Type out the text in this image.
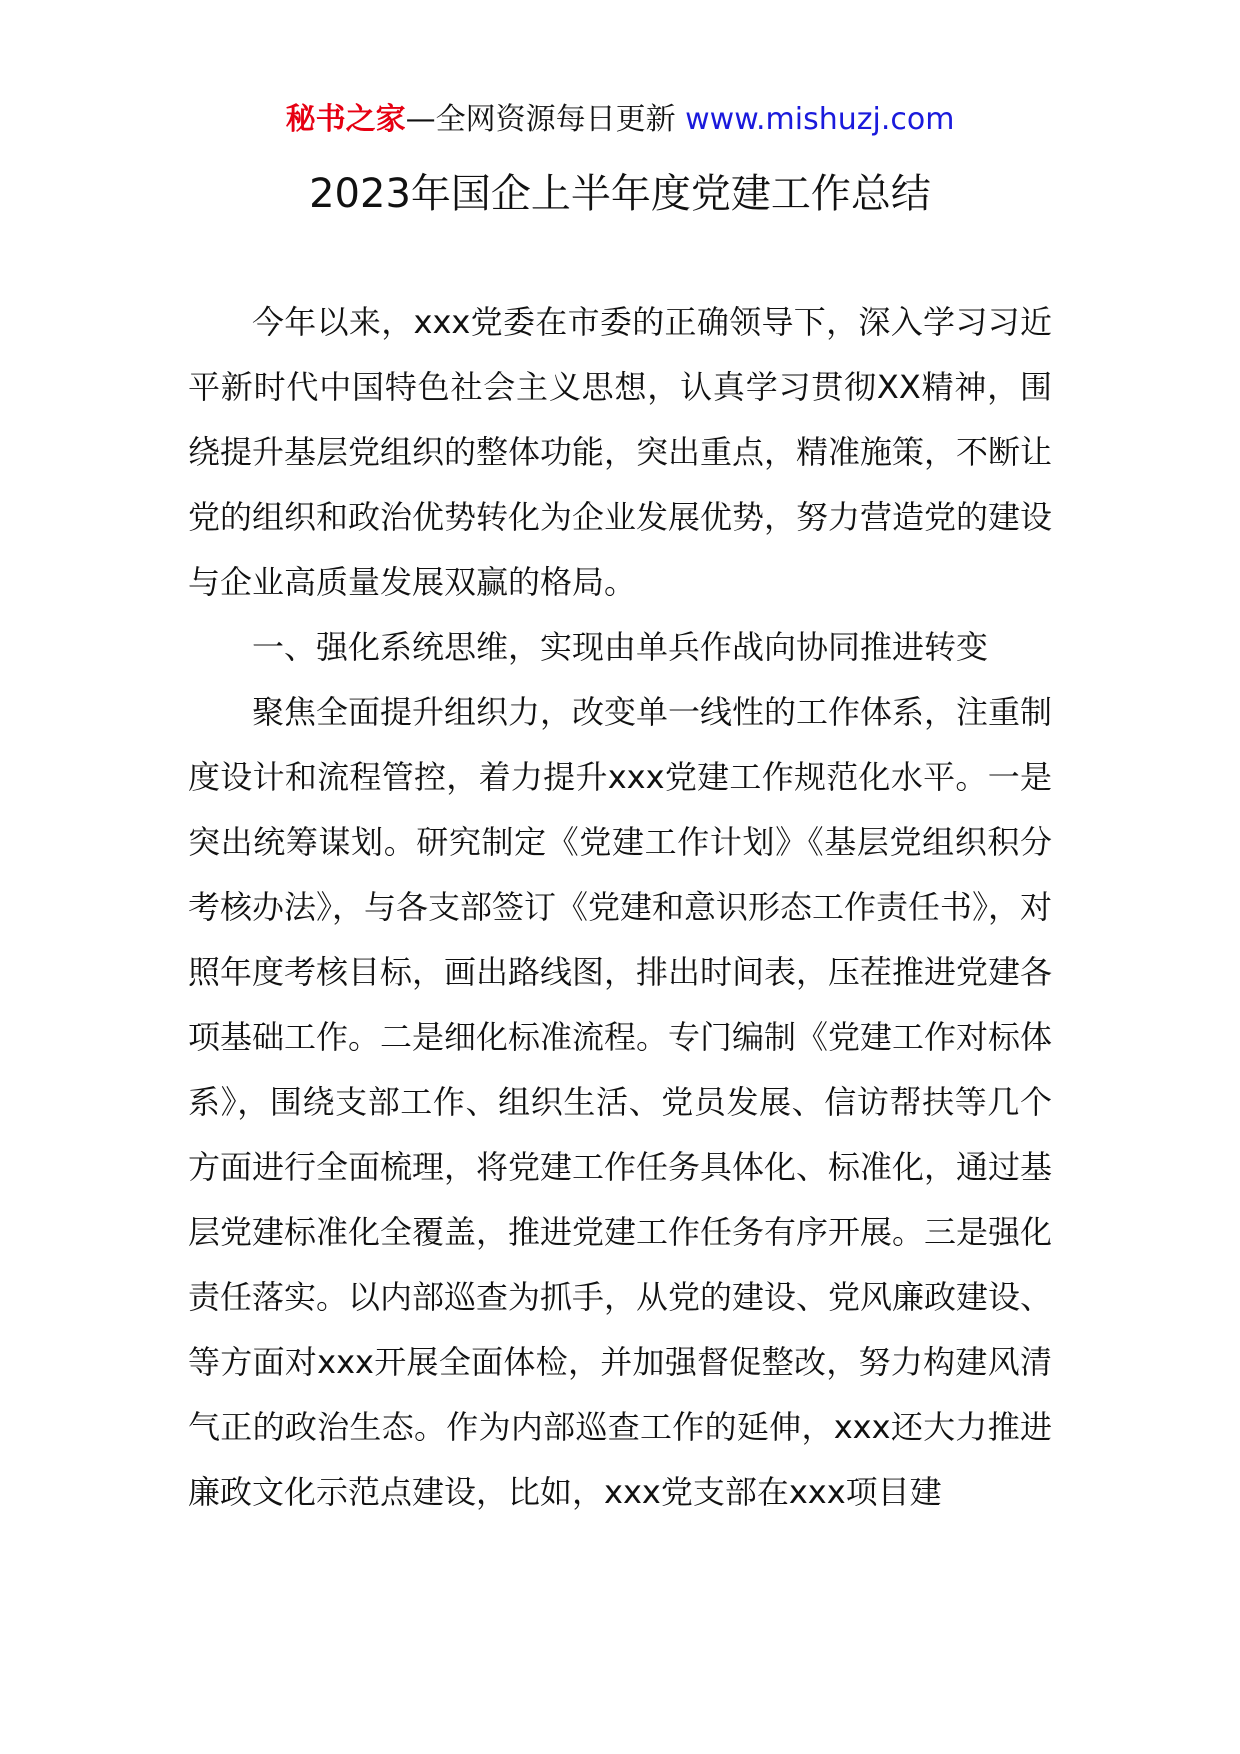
秘书之家—全网资源每日更新 www.mishuzj.com
2023年国企上半年度党建工作总结

今年以来，xxx党委在市委的正确领导下，深入学习习近平新时代中国特色社会主义思想，认真学习贯彻XX精神，围绕提升基层党组织的整体功能，突出重点，精准施策，不断让党的组织和政治优势转化为企业发展优势，努力营造党的建设与企业高质量发展双赢的格局。

一、强化系统思维，实现由单兵作战向协同推进转变

聚焦全面提升组织力，改变单一线性的工作体系，注重制度设计和流程管控，着力提升xxx党建工作规范化水平。一是突出统筹谋划。研究制定《党建工作计划》《基层党组织积分考核办法》，与各支部签订《党建和意识形态工作责任书》，对照年度考核目标，画出路线图，排出时间表，压茬推进党建各项基础工作。二是细化标准流程。专门编制《党建工作对标体系》，围绕支部工作、组织生活、党员发展、信访帮扶等几个方面进行全面梳理，将党建工作任务具体化、标准化，通过基层党建标准化全覆盖，推进党建工作任务有序开展。三是强化责任落实。以内部巡查为抓手，从党的建设、党风廉政建设、等方面对xxx开展全面体检，并加强督促整改，努力构建风清气正的政治生态。作为内部巡查工作的延伸，xxx还大力推进廉政文化示范点建设，比如，xxx党支部在xxx项目建
